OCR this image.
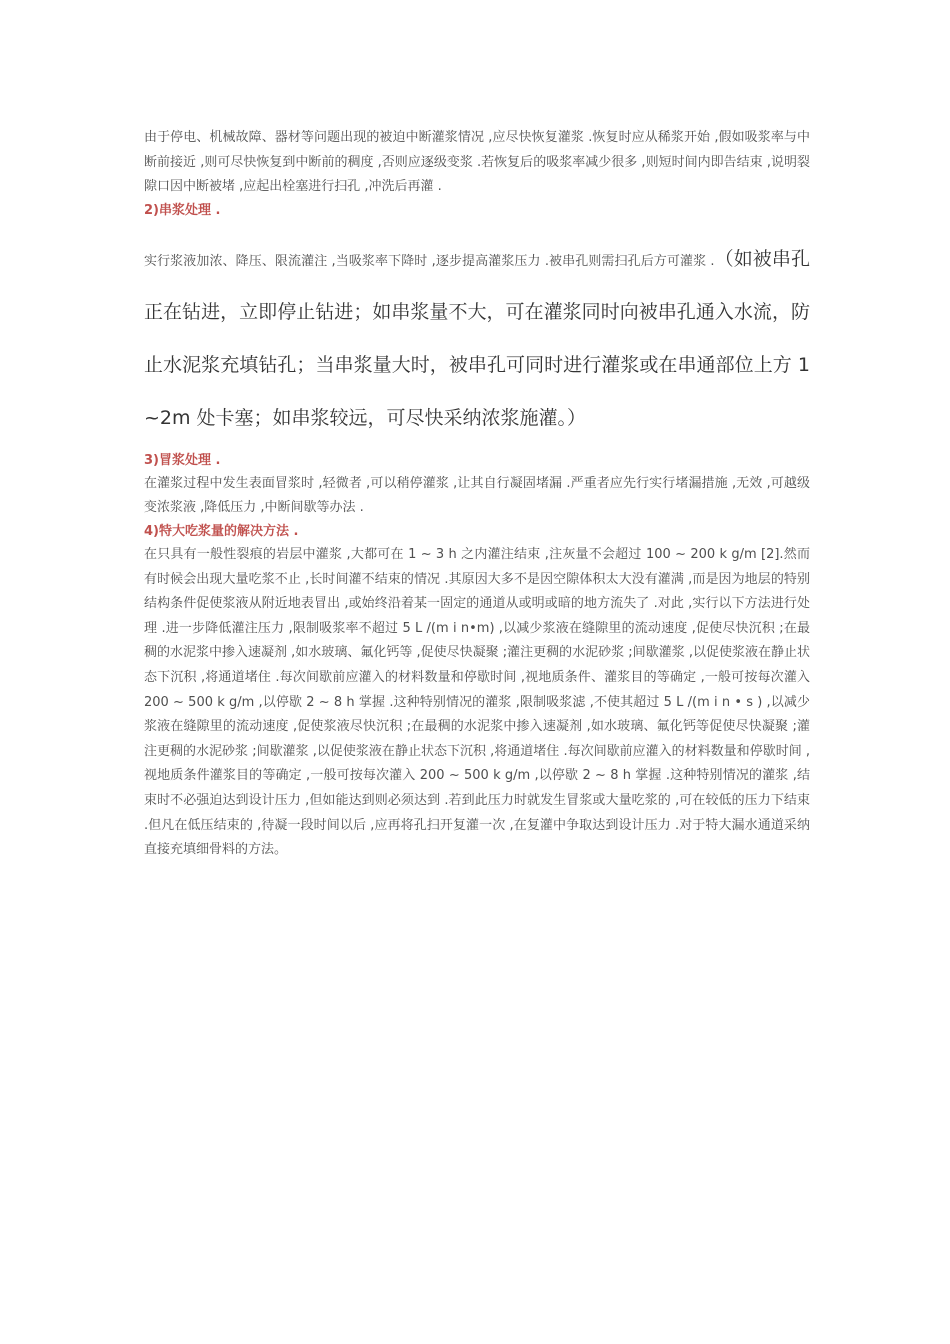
由于停电、机械故障、器材等问题出现的被迫中断灌浆情况 ,应尽快恢复灌浆 .恢复时应从稀浆开始 ,假如吸浆率与中断前接近 ,则可尽快恢复到中断前的稠度 ,否则应逐级变浆 .若恢复后的吸浆率减少很多 ,则短时间内即告结束 ,说明裂隙口因中断被堵 ,应起出栓塞进行扫孔 ,冲洗后再灌 .

2)串浆处理 .

实行浆液加浓、降压、限流灌注 ,当吸浆率下降时 ,逐步提高灌浆压力 .被串孔则需扫孔后方可灌浆 .（如被串孔正在钻进，立即停止钻进；如串浆量不大，可在灌浆同时向被串孔通入水流，防止水泥浆充填钻孔；当串浆量大时，被串孔可同时进行灌浆或在串通部位上方 1~2m 处卡塞；如串浆较远，可尽快采纳浓浆施灌。）

3)冒浆处理 .

在灌浆过程中发生表面冒浆时 ,轻微者 ,可以稍停灌浆 ,让其自行凝固堵漏 .严重者应先行实行堵漏措施 ,无效 ,可越级变浓浆液 ,降低压力 ,中断间歇等办法 .

4)特大吃浆量的解决方法 .

在只具有一般性裂痕的岩层中灌浆 ,大都可在 1 ~ 3 h 之内灌注结束 ,注灰量不会超过 100 ~ 200 k g/m [2].然而有时候会出现大量吃浆不止 ,长时间灌不结束的情况 .其原因大多不是因空隙体积太大没有灌满 ,而是因为地层的特别结构条件促使浆液从附近地表冒出 ,或始终沿着某一固定的通道从或明或暗的地方流失了 .对此 ,实行以下方法进行处理 .进一步降低灌注压力 ,限制吸浆率不超过 5 L /(m i n•m) ,以减少浆液在缝隙里的流动速度 ,促使尽快沉积 ;在最稠的水泥浆中掺入速凝剂 ,如水玻璃、氟化钙等 ,促使尽快凝聚 ;灌注更稠的水泥砂浆 ;间歇灌浆 ,以促使浆液在静止状态下沉积 ,将通道堵住 .每次间歇前应灌入的材料数量和停歇时间 ,视地质条件、灌浆目的等确定 ,一般可按每次灌入 200 ~ 500 k g/m ,以停歇 2 ~ 8 h 掌握 .这种特别情况的灌浆 ,限制吸浆滤 ,不使其超过 5 L /(m i n • s ) ,以减少浆液在缝隙里的流动速度 ,促使浆液尽快沉积 ;在最稠的水泥浆中掺入速凝剂 ,如水玻璃、氟化钙等促使尽快凝聚 ;灌注更稠的水泥砂浆 ;间歇灌浆 ,以促使浆液在静止状态下沉积 ,将通道堵住 .每次间歇前应灌入的材料数量和停歇时间 ,视地质条件灌浆目的等确定 ,一般可按每次灌入 200 ~ 500 k g/m ,以停歇 2 ~ 8 h 掌握 .这种特别情况的灌浆 ,结束时不必强迫达到设计压力 ,但如能达到则必须达到 .若到此压力时就发生冒浆或大量吃浆的 ,可在较低的压力下结束 .但凡在低压结束的 ,待凝一段时间以后 ,应再将孔扫开复灌一次 ,在复灌中争取达到设计压力 .对于特大漏水通道采纳直接充填细骨料的方法。
